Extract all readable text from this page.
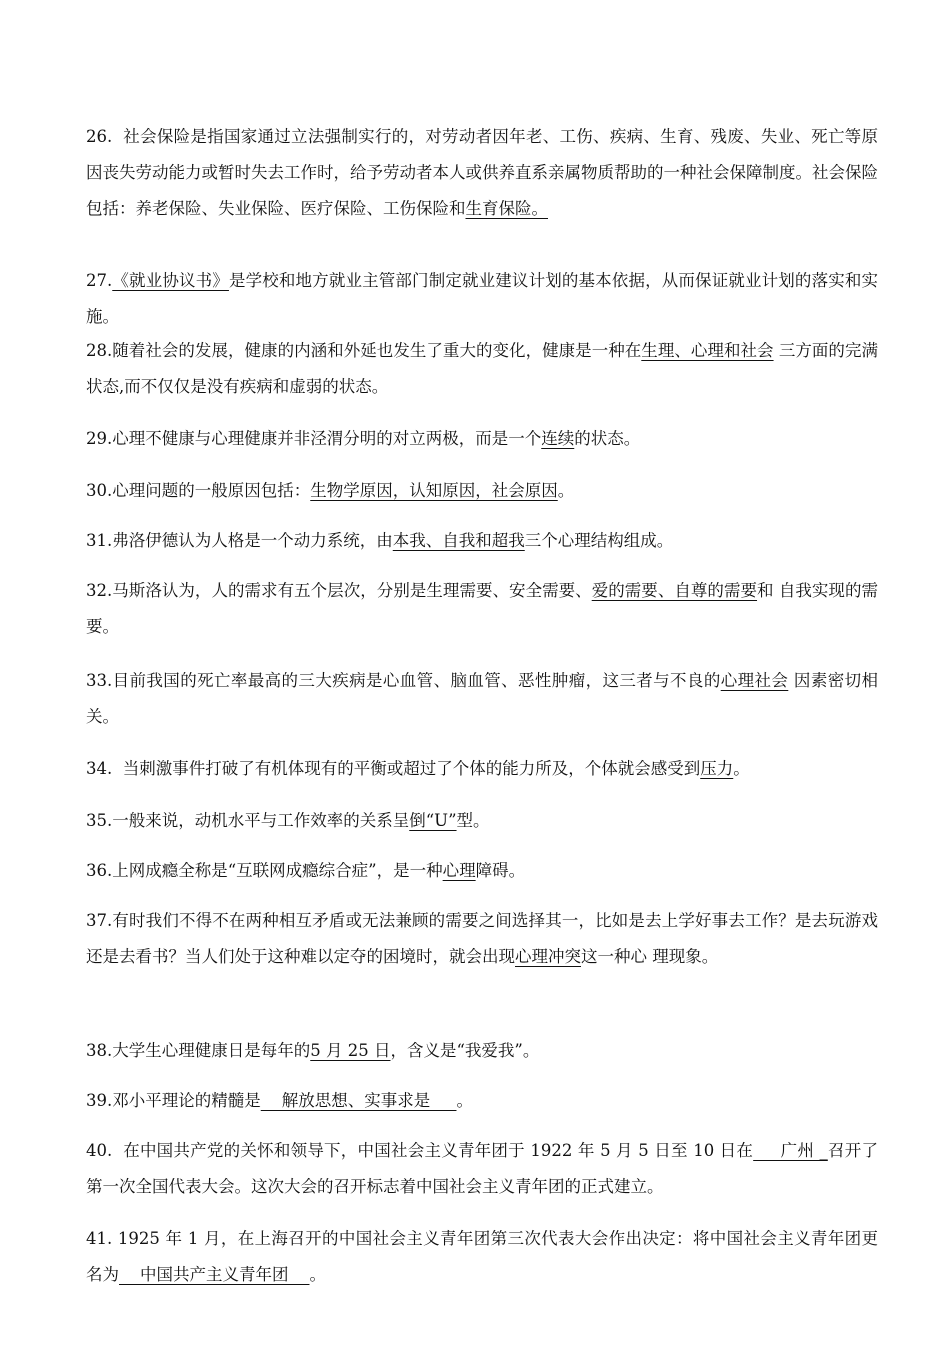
26.  社会保险是指国家通过立法强制实行的，对劳动者因年老、工伤、疾病、生育、残废、失业、死亡等原因丧失劳动能力或暂时失去工作时，给予劳动者本人或供养直系亲属物质帮助的一种社会保障制度。社会保险包括：养老保险、失业保险、医疗保险、工伤保险和生育保险。

27.《就业协议书》是学校和地方就业主管部门制定就业建议计划的基本依据，从而保证就业计划的落实和实施。

28.随着社会的发展，健康的内涵和外延也发生了重大的变化，健康是一种在生理、心理和社会 三方面的完满状态,而不仅仅是没有疾病和虚弱的状态。

29.心理不健康与心理健康并非泾渭分明的对立两极，而是一个连续的状态。

30.心理问题的一般原因包括：生物学原因，认知原因，社会原因。

31.弗洛伊德认为人格是一个动力系统，由本我、自我和超我三个心理结构组成。

32.马斯洛认为，人的需求有五个层次，分别是生理需要、安全需要、爱的需要、自尊的需要和 自我实现的需要。

33.目前我国的死亡率最高的三大疾病是心血管、脑血管、恶性肿瘤，这三者与不良的心理社会 因素密切相关。

34.  当刺激事件打破了有机体现有的平衡或超过了个体的能力所及，个体就会感受到压力。

35.一般来说，动机水平与工作效率的关系呈倒“U”型。

36.上网成瘾全称是“互联网成瘾综合症”，是一种心理障碍。

37.有时我们不得不在两种相互矛盾或无法兼顾的需要之间选择其一，比如是去上学好事去工作？是去玩游戏还是去看书？当人们处于这种难以定夺的困境时，就会出现心理冲突这一种心 理现象。

38.大学生心理健康日是每年的5 月 25 日，含义是“我爱我”。

39.邓小平理论的精髓是    解放思想、实事求是     。

40.  在中国共产党的关怀和领导下，中国社会主义青年团于 1922 年 5 月 5 日至 10 日在     广州 _召开了第一次全国代表大会。这次大会的召开标志着中国社会主义青年团的正式建立。

41. 1925 年 1 月，在上海召开的中国社会主义青年团第三次代表大会作出决定：将中国社会主义青年团更名为    中国共产主义青年团    。
